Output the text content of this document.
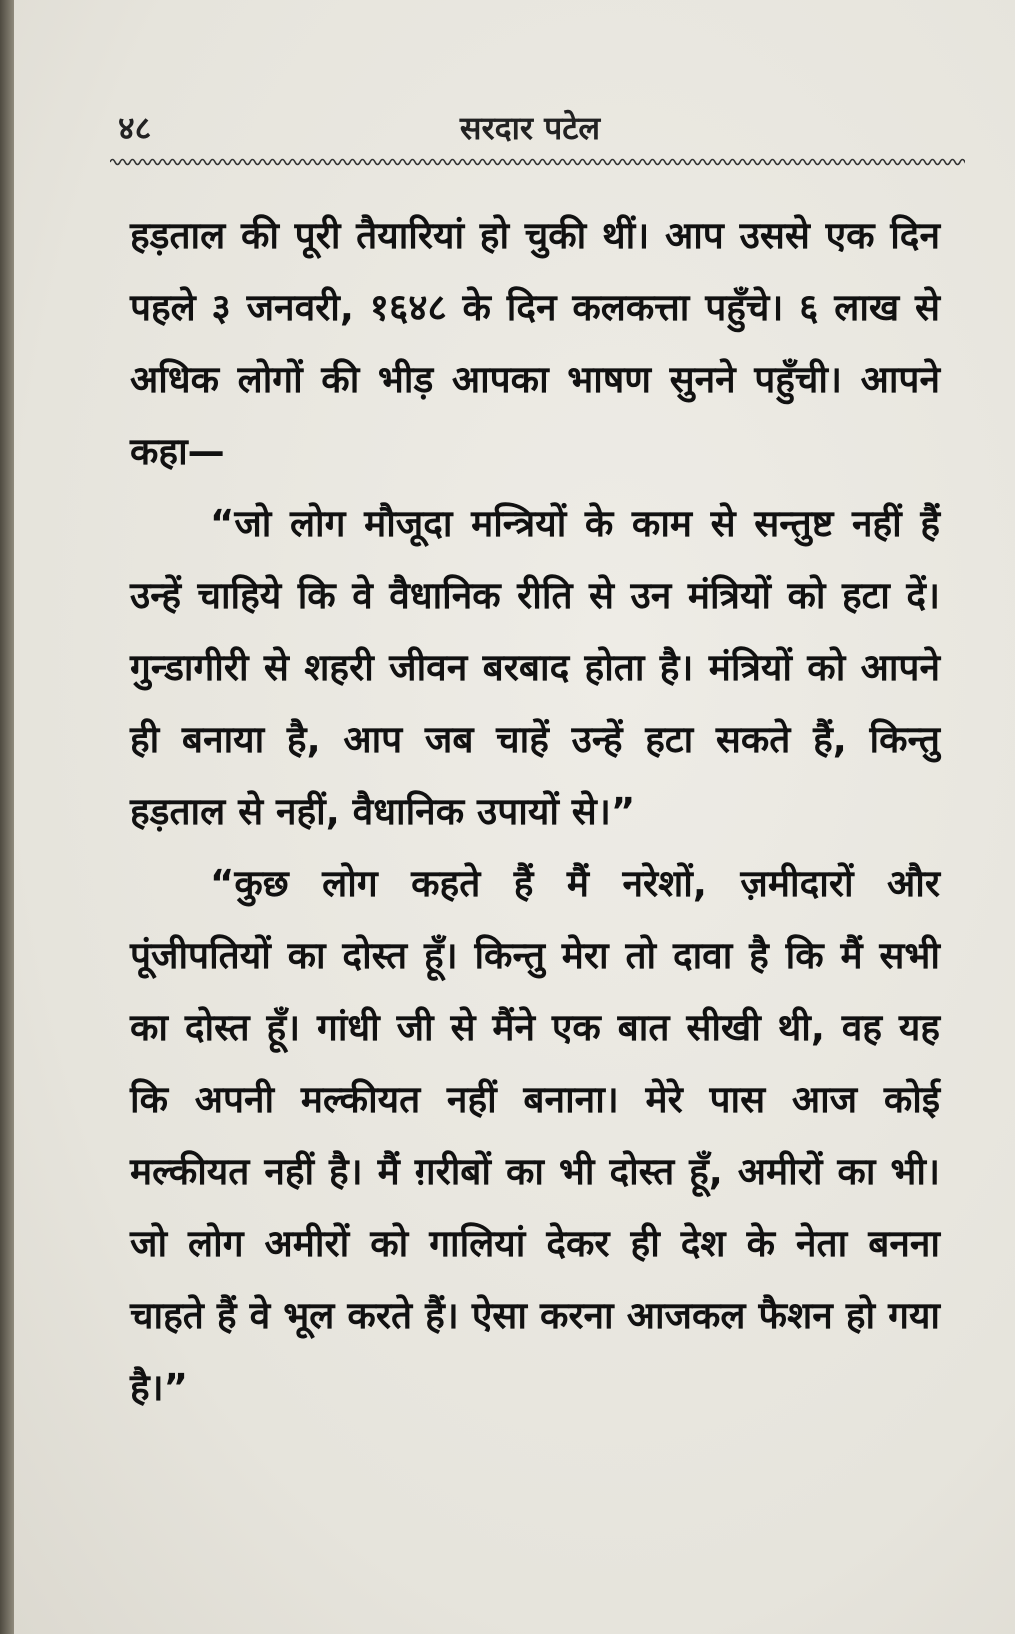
४८	सरदार पटेल

हड़ताल की पूरी तैयारियां हो चुकी थीं। आप उससे एक दिन पहले ३ जनवरी, १६४८ के दिन कलकत्ता पहुँचे। ६ लाख से अधिक लोगों की भीड़ आपका भाषण सुनने पहुँची। आपने कहा—

“जो लोग मौजूदा मन्त्रियों के काम से सन्तुष्ट नहीं हैं उन्हें चाहिये कि वे वैधानिक रीति से उन मंत्रियों को हटा दें। गुन्डागीरी से शहरी जीवन बरबाद होता है। मंत्रियों को आपने ही बनाया है, आप जब चाहें उन्हें हटा सकते हैं, किन्तु हड़ताल से नहीं, वैधानिक उपायों से।”

“कुछ लोग कहते हैं मैं नरेशों, ज़मीदारों और पूंजीपतियों का दोस्त हूँ। किन्तु मेरा तो दावा है कि मैं सभी का दोस्त हूँ। गांधी जी से मैंने एक बात सीखी थी, वह यह कि अपनी मल्कीयत नहीं बनाना। मेरे पास आज कोई मल्कीयत नहीं है। मैं ग़रीबों का भी दोस्त हूँ, अमीरों का भी। जो लोग अमीरों को गालियां देकर ही देश के नेता बनना चाहते हैं वे भूल करते हैं। ऐसा करना आजकल फैशन हो गया है।”
